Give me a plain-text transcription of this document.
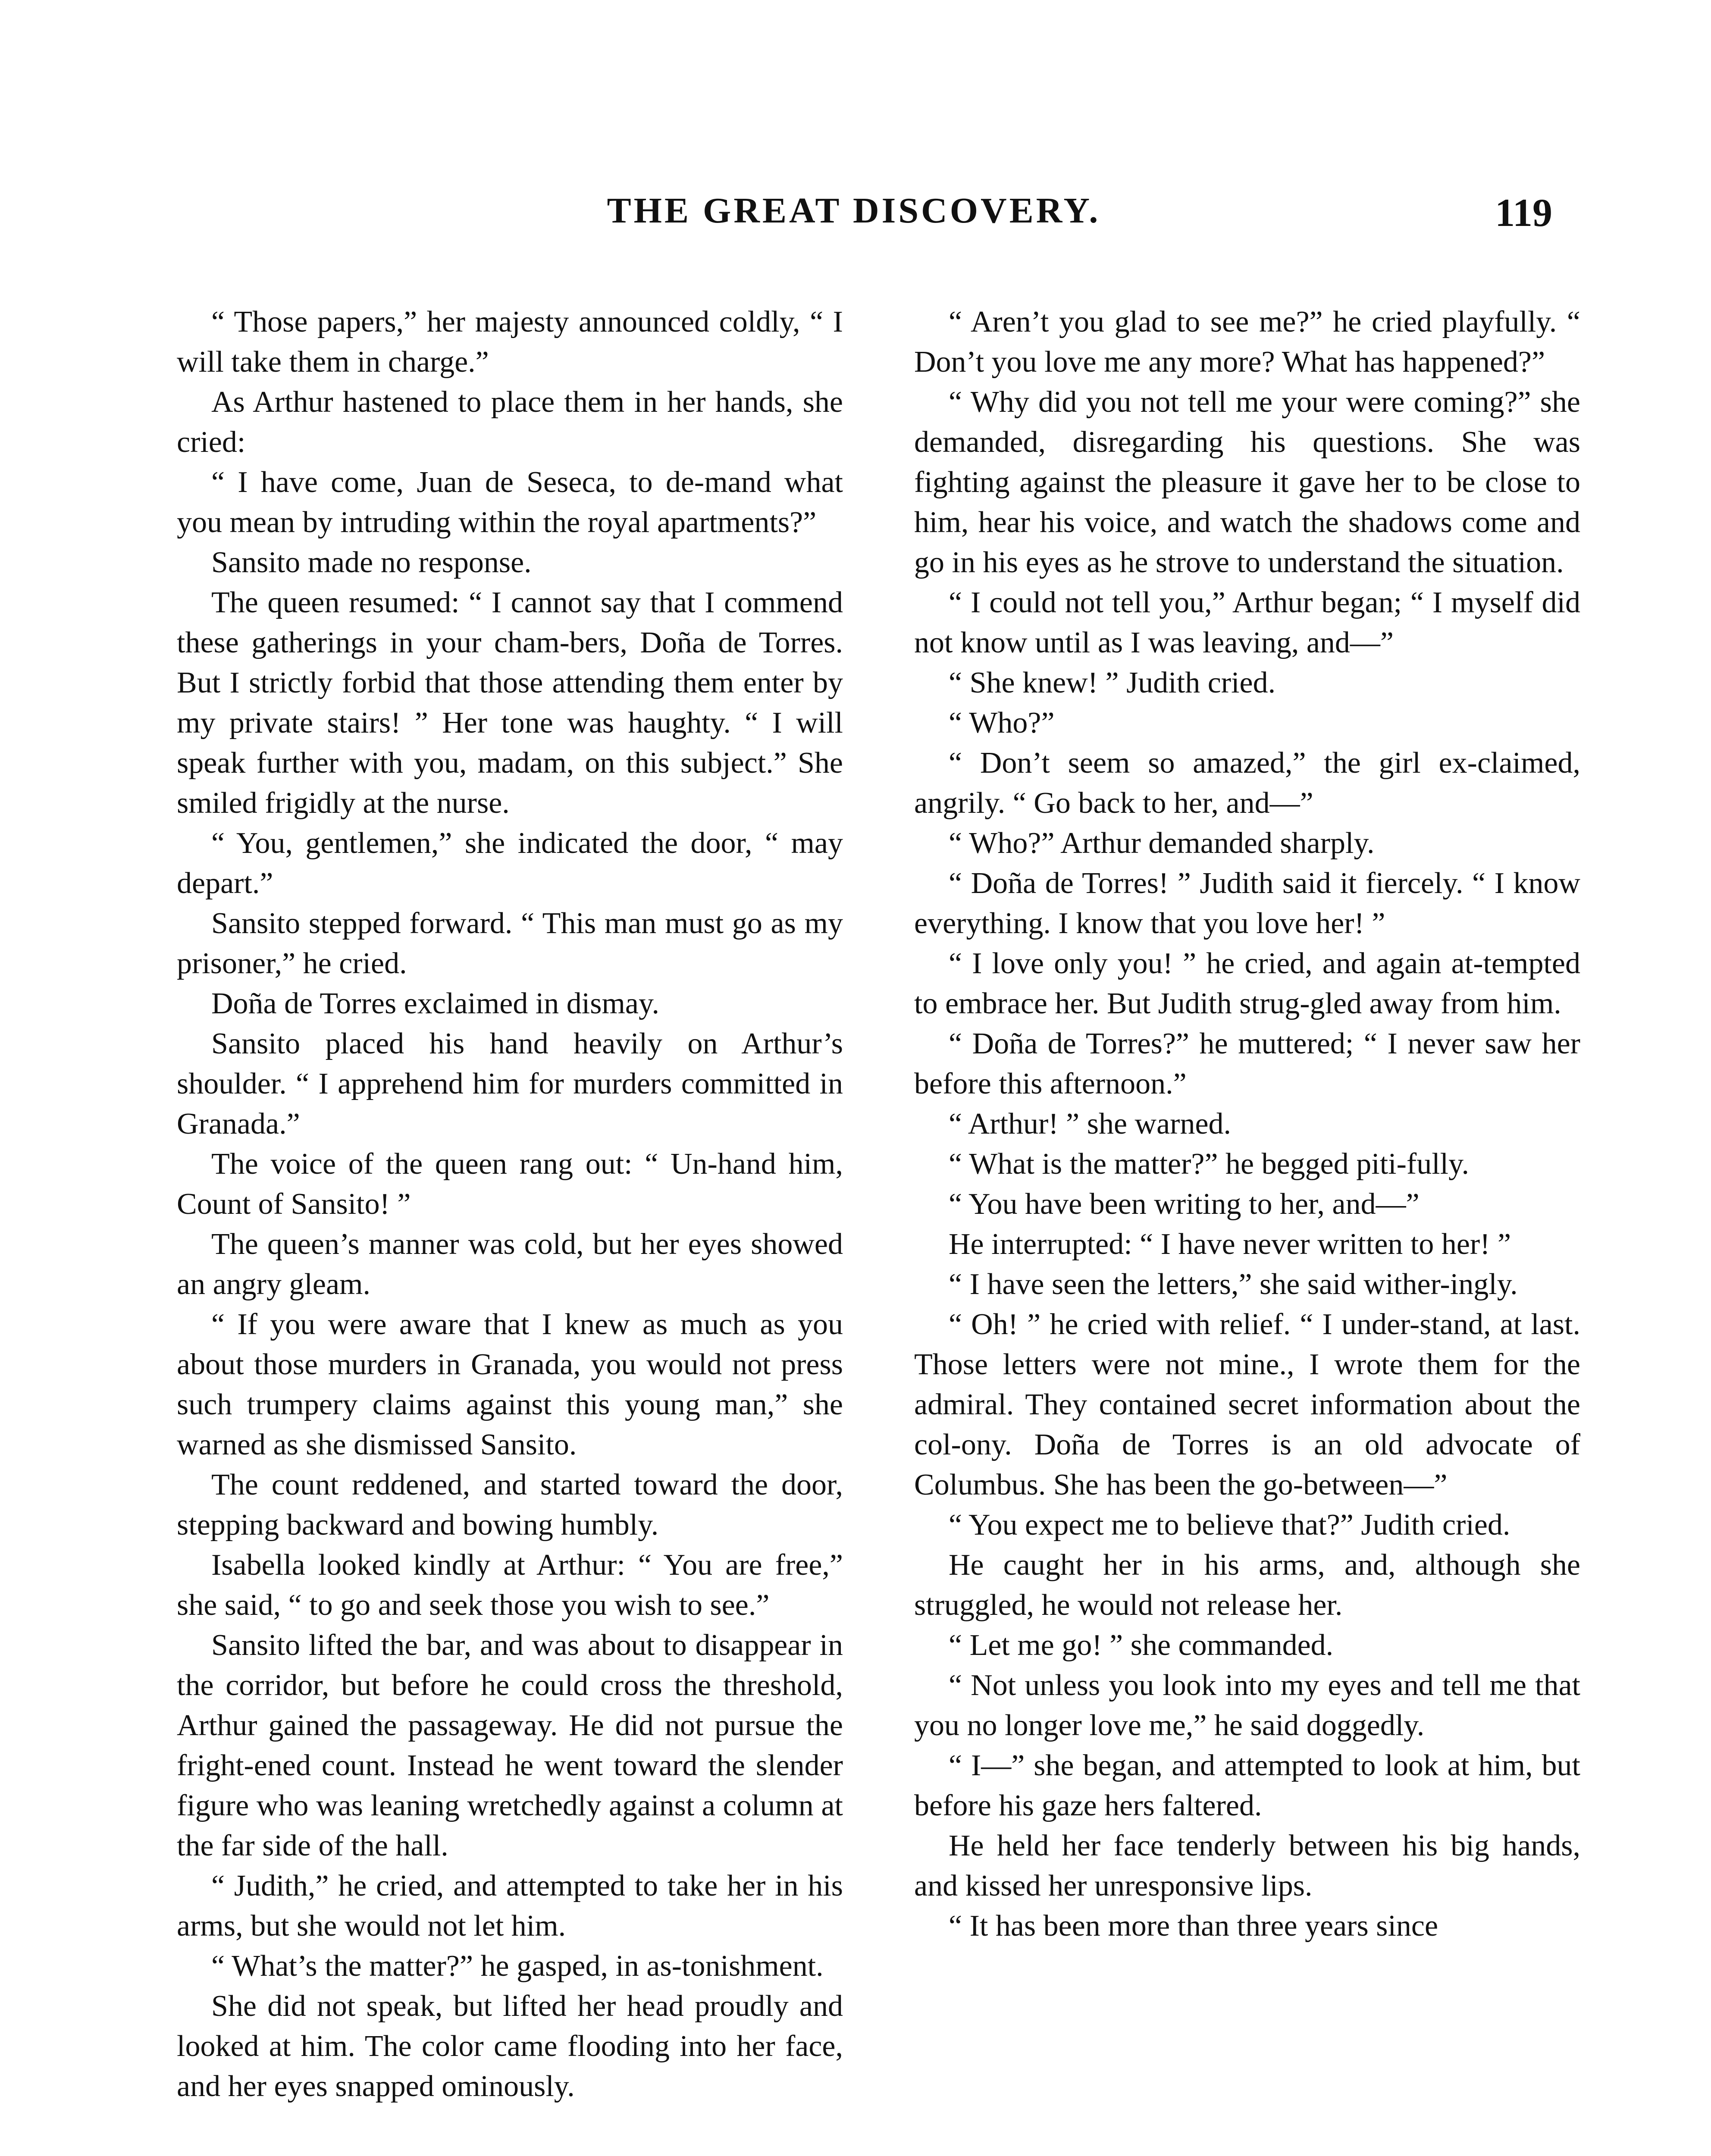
THE GREAT DISCOVERY.	119

“ Those papers,” her majesty announced coldly, “ I will take them in charge.”

As Arthur hastened to place them in her hands, she cried:

“ I have come, Juan de Seseca, to de-mand what you mean by intruding within the royal apartments?”

Sansito made no response.

The queen resumed: “ I cannot say that I commend these gatherings in your cham-bers, Doña de Torres. But I strictly forbid that those attending them enter by my private stairs! ” Her tone was haughty. “ I will speak further with you, madam, on this subject.” She smiled frigidly at the nurse.

“ You, gentlemen,” she indicated the door, “ may depart.”

Sansito stepped forward. “ This man must go as my prisoner,” he cried.

Doña de Torres exclaimed in dismay.

Sansito placed his hand heavily on Arthur’s shoulder. “ I apprehend him for murders committed in Granada.”

The voice of the queen rang out: “ Un-hand him, Count of Sansito! ”

The queen’s manner was cold, but her eyes showed an angry gleam.

“ If you were aware that I knew as much as you about those murders in Granada, you would not press such trumpery claims against this young man,” she warned as she dismissed Sansito.

The count reddened, and started toward the door, stepping backward and bowing humbly.

Isabella looked kindly at Arthur: “ You are free,” she said, “ to go and seek those you wish to see.”

Sansito lifted the bar, and was about to disappear in the corridor, but before he could cross the threshold, Arthur gained the passageway. He did not pursue the fright-ened count. Instead he went toward the slender figure who was leaning wretchedly against a column at the far side of the hall.

“ Judith,” he cried, and attempted to take her in his arms, but she would not let him.

“ What’s the matter?” he gasped, in as-tonishment.

She did not speak, but lifted her head proudly and looked at him. The color came flooding into her face, and her eyes snapped ominously.

“ Aren’t you glad to see me?” he cried playfully. “ Don’t you love me any more? What has happened?”

“ Why did you not tell me your were coming?” she demanded, disregarding his questions. She was fighting against the pleasure it gave her to be close to him, hear his voice, and watch the shadows come and go in his eyes as he strove to understand the situation.

“ I could not tell you,” Arthur began; “ I myself did not know until as I was leaving, and—”

“ She knew! ” Judith cried.

“ Who?”

“ Don’t seem so amazed,” the girl ex-claimed, angrily. “ Go back to her, and—”

“ Who?” Arthur demanded sharply.

“ Doña de Torres! ” Judith said it fiercely. “ I know everything. I know that you love her! ”

“ I love only you! ” he cried, and again at-tempted to embrace her. But Judith strug-gled away from him.

“ Doña de Torres?” he muttered; “ I never saw her before this afternoon.”

“ Arthur! ” she warned.

“ What is the matter?” he begged piti-fully.

“ You have been writing to her, and—”

He interrupted: “ I have never written to her! ”

“ I have seen the letters,” she said wither-ingly.

“ Oh! ” he cried with relief. “ I under-stand, at last. Those letters were not mine., I wrote them for the admiral. They contained secret information about the col-ony. Doña de Torres is an old advocate of Columbus. She has been the go-between—”

“ You expect me to believe that?” Judith cried.

He caught her in his arms, and, although she struggled, he would not release her.

“ Let me go! ” she commanded.

“ Not unless you look into my eyes and tell me that you no longer love me,” he said doggedly.

“ I—” she began, and attempted to look at him, but before his gaze hers faltered.

He held her face tenderly between his big hands, and kissed her unresponsive lips.

“ It has been more than three years since
